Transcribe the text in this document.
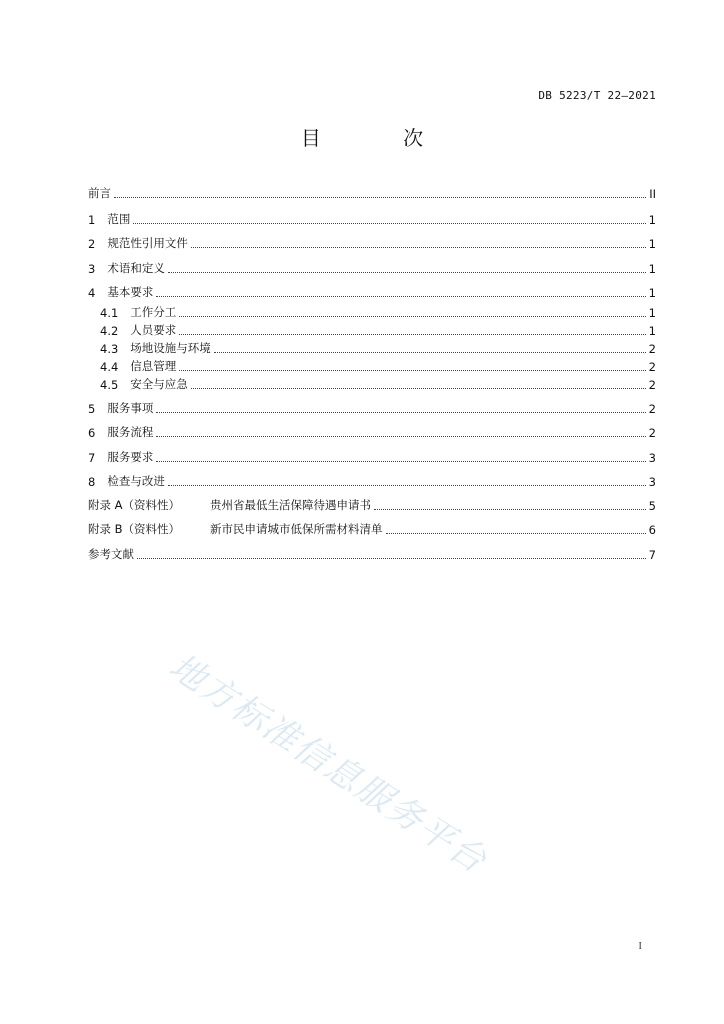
DB 5223/T 22—2021
目 次
前言	II
1 范围	1
2 规范性引用文件	1
3 术语和定义	1
4 基本要求	1
4.1 工作分工	1
4.2 人员要求	1
4.3 场地设施与环境	2
4.4 信息管理	2
4.5 安全与应急	2
5 服务事项	2
6 服务流程	2
7 服务要求	3
8 检查与改进	3
附录 A（资料性）	贵州省最低生活保障待遇申请书	5
附录 B（资料性）	新市民申请城市低保所需材料清单	6
参考文献	7
地方标准信息服务平台
I
